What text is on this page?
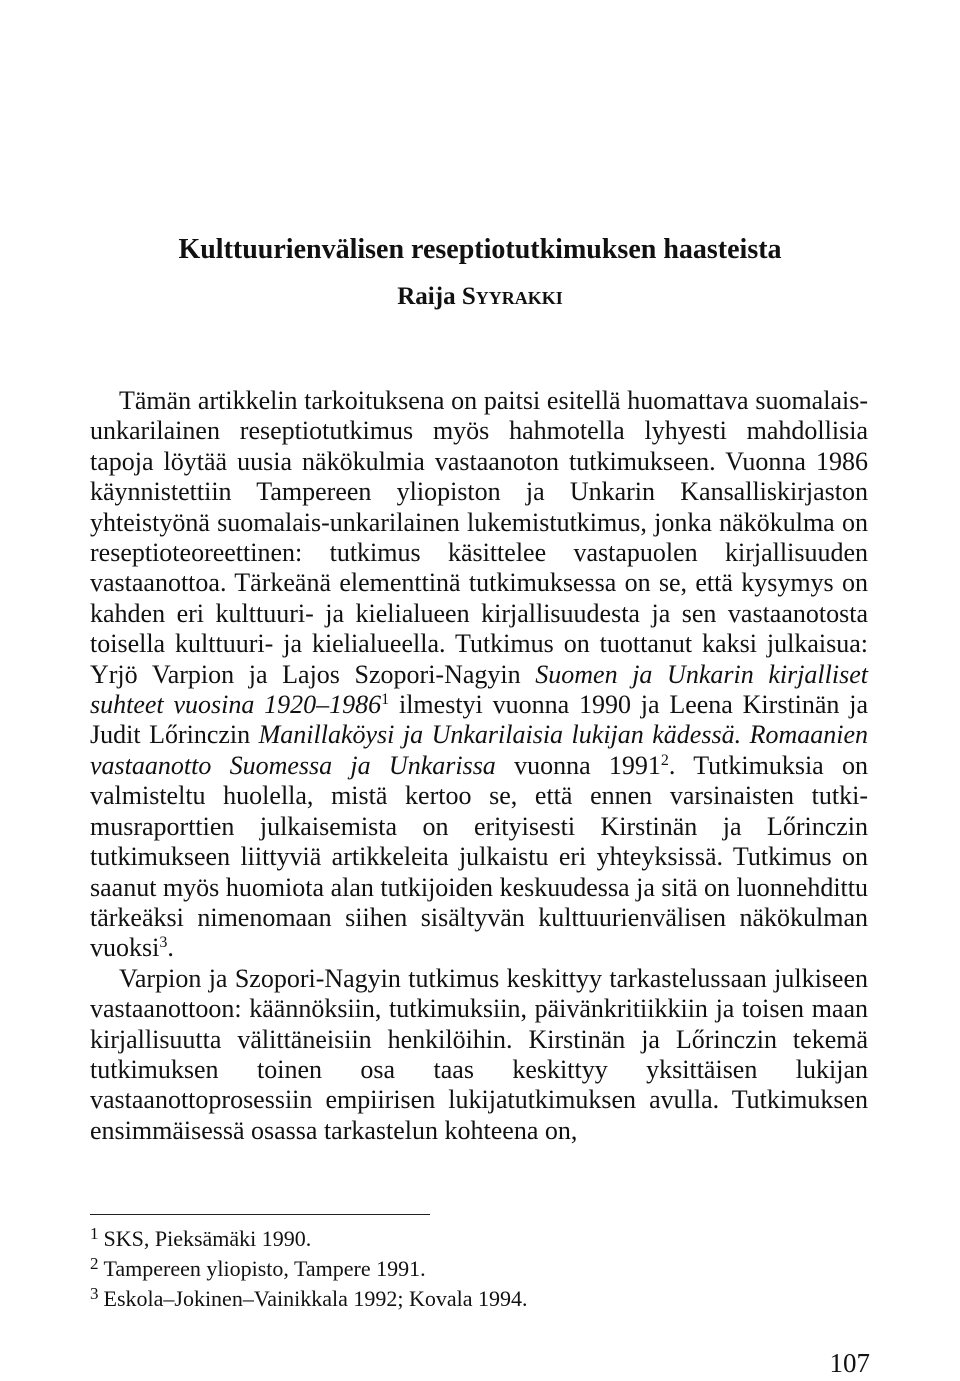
Kulttuurienvälisen reseptiotutkimuksen haasteista
Raija Syyrakki

Tämän artikkelin tarkoituksena on paitsi esitellä huomattava suomalais-unkarilainen reseptiotutkimus myös hahmotella lyhyesti mahdollisia tapoja löytää uusia näkökulmia vastaanoton tutkimukseen. Vuonna 1986 käynnistettiin Tampereen yliopiston ja Unkarin Kansalliskirjaston yhteistyönä suomalais-unkarilainen lukemistutkimus, jonka näkökulma on reseptioteoreettinen: tutkimus käsittelee vastapuolen kirjallisuuden vastaanottoa. Tärkeänä elementtinä tutkimuksessa on se, että kysymys on kahden eri kulttuuri- ja kielialueen kirjallisuudesta ja sen vastaanotosta toisella kulttuuri- ja kielialueella. Tutkimus on tuottanut kaksi julkaisua: Yrjö Varpion ja Lajos Szopori-Nagyin Suomen ja Unkarin kirjalliset suhteet vuosina 1920–1986$^1$ ilmestyi vuonna 1990 ja Leena Kirstinän ja Judit Lőrinczin Manillaköysi ja Unkarilaisia lukijan kädessä. Romaanien vastaanotto Suomessa ja Unkarissa vuonna 1991$^2$. Tutkimuksia on valmisteltu huolella, mistä kertoo se, että ennen varsinaisten tutkimusraporttien julkaisemista on erityisesti Kirstinän ja Lőrinczin tutkimukseen liittyviä artikkeleita julkaistu eri yhteyksissä. Tutkimus on saanut myös huomiota alan tutkijoiden keskuudessa ja sitä on luonnehdittu tärkeäksi nimenomaan siihen sisältyvän kulttuurienvälisen näkökulman vuoksi$^3$.

Varpion ja Szopori-Nagyin tutkimus keskittyy tarkastelussaan julkiseen vastaanottoon: käännöksiin, tutkimuksiin, päivänkritiikkiin ja toisen maan kirjallisuutta välittäneisiin henkilöihin. Kirstinän ja Lőrinczin tekemä tutkimuksen toinen osa taas keskittyy yksittäisen lukijan vastaanottoprosessiin empiirisen lukijatutkimuksen avulla. Tutkimuksen ensimmäisessä osassa tarkastelun kohteena on,

$^1$ SKS, Pieksämäki 1990.

$^2$ Tampereen yliopisto, Tampere 1991.

$^3$ Eskola–Jokinen–Vainikkala 1992; Kovala 1994.

107
